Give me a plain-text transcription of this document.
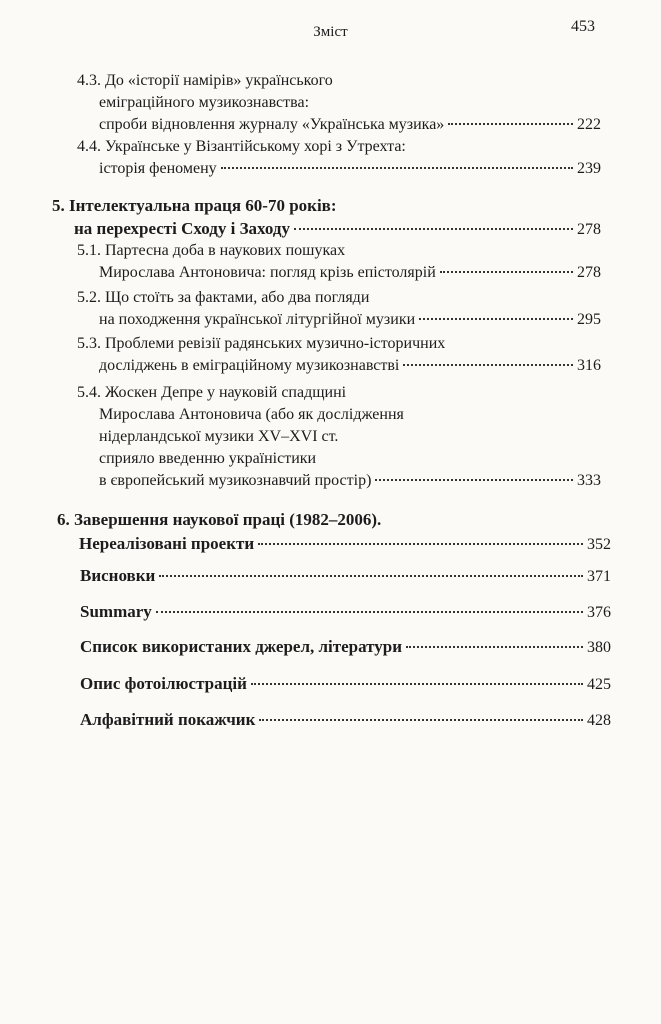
Зміст	453
4.3. До «історії намірів» українського
еміграційного музикознавства:
спроби відновлення журналу «Українська музика»	222
4.4. Українське у Візантійському хорі з Утрехта:
історія феномену	239
5. Інтелектуальна праця 60-70 років:
на перехресті Сходу і Заходу	278
5.1. Партесна доба в наукових пошуках
Мирослава Антоновича: погляд крізь епістолярій	278
5.2. Що стоїть за фактами, або два погляди
на походження української літургійної музики	295
5.3. Проблеми ревізії радянських музично-історичних
досліджень в еміграційному музикознавстві	316
5.4. Жоскен Депре у науковій спадщині
Мирослава Антоновича (або як дослідження
нідерландської музики XV–XVI ст.
сприяло введенню україністики
в європейський музикознавчий простір)	333
6. Завершення наукової праці (1982–2006).
Нереалізовані проекти	352
Висновки	371
Summary	376
Список використаних джерел, літератури	380
Опис фотоілюстрацій	425
Алфавітний покажчик	428
